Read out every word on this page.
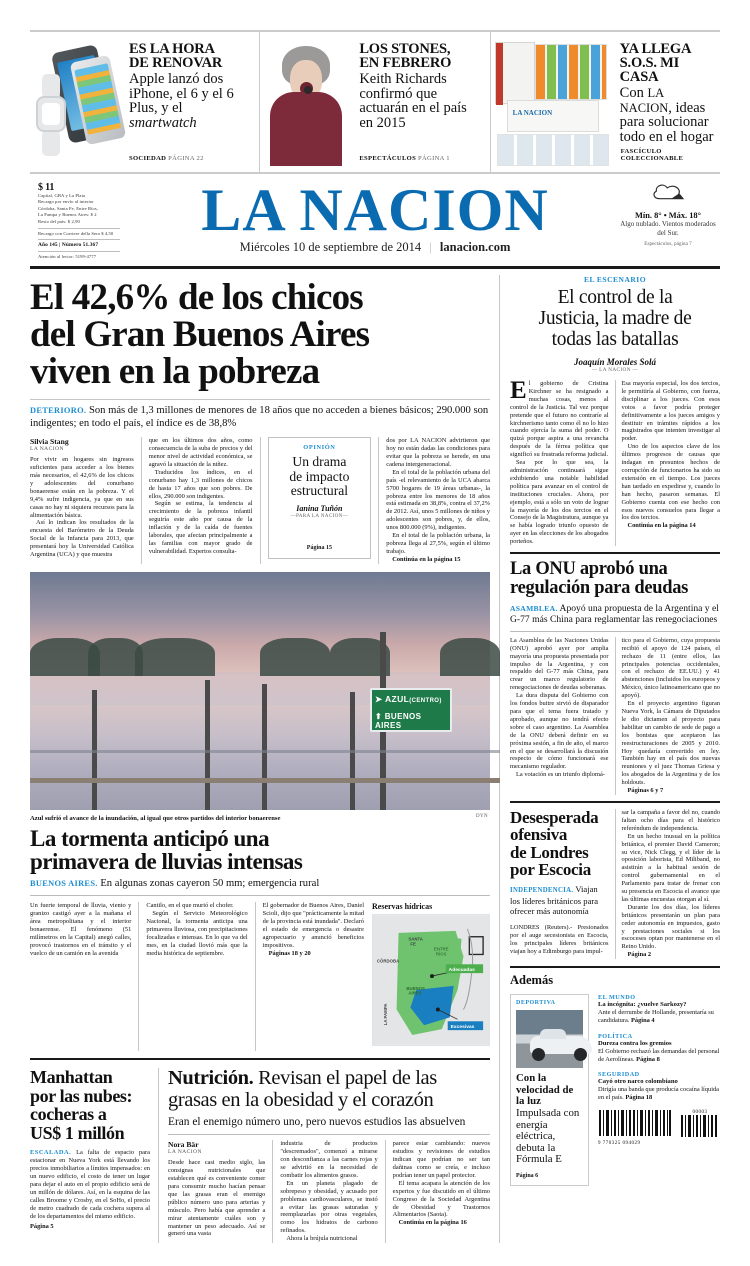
ES LA HORA
DE RENOVAR
Apple lanzó dos iPhone, el 6 y el 6 Plus, y el smartwatch
SOCIEDAD PÁGINA 22
LOS STONES,
EN FEBRERO
Keith Richards confirmó que actuarán en el país en 2015
ESPECTÁCULOS PÁGINA 1
LA NACION
YA LLEGA
S.O.S. MI CASA
Con LA NACION, ideas para solucionar todo en el hogar
FASCÍCULO COLECCIONABLE
$ 11
Capital, GBA y La Plata
Recargo por envío al interior
Córdoba, Santa Fe, Entre Ríos,
La Pampa y Buenos Aires: $ 2
Resto del país: $ 2,90
Recargo con Corriere della Sera $ 4,50
Año 145 | Número 51.367
Atención al lector: 5199-4777
LA NACION
Miércoles 10 de septiembre de 2014 | lanacion.com
Mín. 8° • Máx. 18°
Algo nublado. Vientos moderados del Sur.
Espectáculos, página 7
El 42,6% de los chicos
del Gran Buenos Aires
viven en la pobreza
DETERIORO. Son más de 1,3 millones de menores de 18 años que no acceden a bienes básicos; 290.000 son indigentes; en todo el país, el índice es de 38,8%
Silvia Stang
LA NACION

Por vivir en hogares sin ingresos suficientes para acceder a los bienes más necesarios, el 42,6% de los chicos y adolescentes del conurbano bonaerense están en la pobreza. Y el 9,4% sufre indigencia, ya que en sus casas no hay ni siquiera recursos para la alimentación básica.

Así lo indican los resultados de la encuesta del Barómetro de la Deuda Social de la Infancia para 2013, que presentará hoy la Universidad Católica Argentina (UCA) y que muestra

que en los últimos dos años, como consecuencia de la suba de precios y del menor nivel de actividad económica, se agravó la situación de la niñez.

Traducidos los índices, en el conurbano hay 1,3 millones de chicos de hasta 17 años que son pobres. De ellos, 290.000 son indigentes.

Según se estima, la tendencia al crecimiento de la pobreza infantil seguiría este año por causa de la inflación y de la caída de fuentes laborales, que afectan principalmente a las familias con mayor grado de vulnerabilidad. Expertos consulta-

OPINIÓN
Un drama
de impacto
estructural
Ianina Tuñón
—PARA LA NACION—
Página 15

dos por LA NACION advirtieron que hoy no están dadas las condiciones para evitar que la pobreza se herede, en una cadena intergeneracional.

En el total de la población urbana del país -el relevamiento de la UCA abarca 5700 hogares de 19 áreas urbanas-, la pobreza entre los menores de 18 años está estimada en 38,8%, contra el 37,2% de 2012. Así, unos 5 millones de niños y adolescentes son pobres, y, de ellos, unos 800.000 (9%), indigentes.

En el total de la población urbana, la pobreza llega al 27,5%, según el último trabajo.

Continúa en la página 15

DYN
➤ AZUL(CENTRO)
⬆ BUENOS AIRES
Azul sufrió el avance de la inundación, al igual que otros partidos del interior bonaerense
La tormenta anticipó una
primavera de lluvias intensas
BUENOS AIRES. En algunas zonas cayeron 50 mm; emergencia rural

Un fuerte temporal de lluvia, viento y granizo castigó ayer a la mañana el área metropolitana y el interior bonaerense. El fenómeno (51 milímetros en la Capital) anegó calles, provocó trastornos en el tránsito y el vuelco de un camión en la avenida

Cantilo, en el que murió el chofer.

Según el Servicio Meteorológico Nacional, la tormenta anticipa una primavera lluviosa, con precipitaciones focalizadas e intensas. En lo que va del mes, en la ciudad llovió más que la media histórica de septiembre.

El gobernador de Buenos Aires, Daniel Scioli, dijo que "prácticamente la mitad de la provincia está inundada". Declaró el estado de emergencia o desastre agropecuario y anunció beneficios impositivos.

Páginas 18 y 20

Reservas hídricas
SANTA
FE
ENTRE
RÍOS
CÓRDOBA
BUENOS
AIRES
LA PAMPA
Adecuadas
Excesivas
Manhattan
por las nubes:
cocheras a
US$ 1 millón

ESCALADA. La falta de espacio para estacionar en Nueva York está llevando los precios inmobiliarios a límites impensados: en un nuevo edificio, el costo de tener un lugar para dejar el auto en el propio edificio será de un millón de dólares. Así, en la esquina de las calles Broome y Crosby, en el SoHo, el precio de metro cuadrado de cada cochera supera al de los departamentos del mismo edificio.

Página 5

Nutrición. Revisan el papel de las grasas en la obesidad y el corazón
Eran el enemigo número uno, pero nuevos estudios las absuelven
Nora Bär
LA NACION

Desde hace casi medio siglo, las consignas nutricionales que establecen qué es conveniente comer para consumir mucho hacían pensar que las grasas eran el enemigo público número uno para arterias y músculo. Pero había que aprender a mirar atentamente cuáles son y mantener un peso adecuado. Así se generó una vasta

industria de productos "descremados", comenzó a mirarse con desconfianza a las carnes rojas y se advirtió en la necesidad de combatir los alimentos grasos.

En un planeta plagado de sobrepeso y obesidad, y acusado por problemas cardiovasculares, se instó a evitar las grasas saturadas y reemplazarlas por otras vegetales, como los hidratos de carbono refinados.

Ahora la brújula nutricional

parece estar cambiando: nuevos estudios y revisiones de estudios indican que podrían no ser tan dañinas como se creía, e incluso podrían tener un papel protector.

El tema acapara la atención de los expertos y fue discutido en el último Congreso de la Sociedad Argentina de Obesidad y Trastornos Alimentarios (Saota).

Continúa en la página 16

EL ESCENARIO
El control de la
Justicia, la madre de
todas las batallas
Joaquín Morales Solá
— LA NACION —

El gobierno de Cristina Kirchner se ha resignado a muchas cosas, menos al control de la Justicia. Tal vez porque pretende que el futuro no contraríe al kirchnerismo tanto como él no lo hizo cuando ejercía la suma del poder. O quizá porque aspira a una revancha después de la férrea política que significó su frustrada reforma judicial.

Sea por lo que sea, la administración continuará sigue exhibiendo una notable habilidad política para avanzar en el control de instituciones cruciales. Ahora, por ejemplo, está a sólo un voto de lograr la mayoría de los dos tercios en el Consejo de la Magistratura, aunque ya se había logrado triunfo opuesto de ayer en las elecciones de los abogados porteños.

Esa mayoría especial, los dos tercios, le permitiría al Gobierno, con fuerza, disciplinar a los jueces. Con esos votos a favor podría proteger definitivamente a los jueces amigos y destituir en trámites rápidos a los magistrados que intenten investigar al poder.

Uno de los aspectos clave de los últimos progresos de causas que indagan en presuntos hechos de corrupción de funcionarios ha sido su extensión en el tiempo. Los jueces han tardado en expedirse y, cuando lo han hecho, pasaron semanas. El Gobierno cuenta con ese hecho con esos nuevos consuelos para llegar a los dos tercios.

Continúa en la página 14

La ONU aprobó una
regulación para deudas
ASAMBLEA. Apoyó una propuesta de la Argentina y el G-77 más China para reglamentar las renegociaciones

La Asamblea de las Naciones Unidas (ONU) aprobó ayer por amplia mayoría una propuesta presentada por impulso de la Argentina, y con respaldo del G-77 más China, para crear un marco regulatorio de renegociaciones de deudas soberanas.

La dura disputa del Gobierno con los fondos buitre sirvió de disparador para que el tema fuera tratado y aprobado, aunque no tendrá efecto sobre el caso argentino. La Asamblea de la ONU deberá definir en su próxima sesión, a fin de año, el marco en el que se desarrollará la discusión respecto de cómo funcionará ese mecanismo regulador.

La votación es un triunfo diplomá-

tico para el Gobierno, cuya propuesta recibió el apoyo de 124 países, el rechazo de 11 (entre ellos, las principales potencias occidentales, con el rechazo de EE.UU.) y 41 abstenciones (incluidos los europeos y México, único latinoamericano que no apoyó).

En el proyecto argentino figuran Nueva York, la Cámara de Diputados le dio dictamen al proyecto para habilitar un cambio de sede de pago a los bonistas que aceptaron las reestructuraciones de 2005 y 2010. Hoy quedaría convertido en ley. También hay en el país dos nuevas reuniones y el juez Thomas Griesa y los abogados de la Argentina y de los holdouts.

Páginas 6 y 7

Desesperada
ofensiva
de Londres
por Escocia
INDEPENDENCIA. Viajan los líderes británicos para ofrecer más autonomía

LONDRES (Reuters).- Presionados por el auge secesionista en Escocia, los principales líderes británicos viajan hoy a Edimburgo para impul-

sar la campaña a favor del no, cuando faltan ocho días para el histórico referéndum de independencia.

En un hecho inusual en la política británica, el premier David Cameron; su vice, Nick Clegg, y el líder de la oposición laborista, Ed Miliband, no asistirán a la habitual sesión de control gubernamental en el Parlamento para tratar de frenar con su presencia en Escocia el avance que las últimas encuestas otorgan al sí.

Durante los dos días, los líderes británicos presentarán un plan para ceder autonomía en impuestos, gasto y prestaciones sociales si los escoceses optan por mantenerse en el Reino Unido.

Página 2

Además
DEPORTIVA
Con la velocidad de la luz
Impulsada con energía eléctrica, debuta la Fórmula E
Página 6
EL MUNDO
La incógnita: ¿vuelve Sarkozy?
Ante el derrumbe de Hollande, presentaría su candidatura. Página 4
POLÍTICA
Dureza contra los gremios
El Gobierno rechazó las demandas del personal de Aerolíneas. Página 8
SEGURIDAD
Cayó otro narco colombiano
Dirigía una banda que producía cocaína líquida en el país. Página 18
9 770325 094029
00003
